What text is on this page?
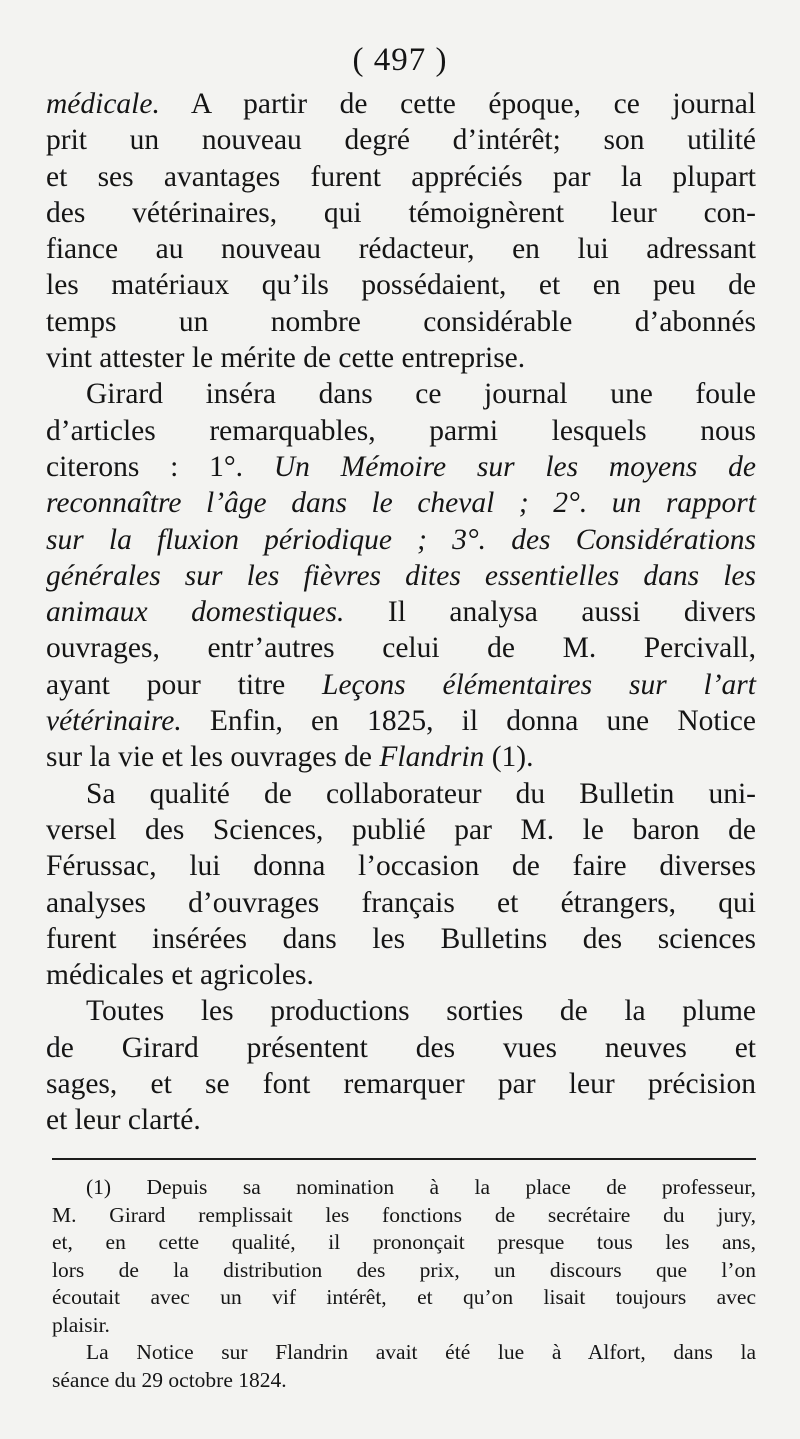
( 497 )
médicale. A partir de cette époque, ce journal
prit un nouveau degré d’intérêt; son utilité
et ses avantages furent appréciés par la plupart
des vétérinaires, qui témoignèrent leur con-
fiance au nouveau rédacteur, en lui adressant
les matériaux qu’ils possédaient, et en peu de
temps un nombre considérable d’abonnés
vint attester le mérite de cette entreprise.
Girard inséra dans ce journal une foule
d’articles remarquables, parmi lesquels nous
citerons : 1°. Un Mémoire sur les moyens de
reconnaître l’âge dans le cheval ; 2°. un rapport
sur la fluxion périodique ; 3°. des Considérations
générales sur les fièvres dites essentielles dans les
animaux domestiques. Il analysa aussi divers
ouvrages, entr’autres celui de M. Percivall,
ayant pour titre Leçons élémentaires sur l’art
vétérinaire. Enfin, en 1825, il donna une Notice
sur la vie et les ouvrages de Flandrin (1).
Sa qualité de collaborateur du Bulletin uni-
versel des Sciences, publié par M. le baron de
Férussac, lui donna l’occasion de faire diverses
analyses d’ouvrages français et étrangers, qui
furent insérées dans les Bulletins des sciences
médicales et agricoles.
Toutes les productions sorties de la plume
de Girard présentent des vues neuves et
sages, et se font remarquer par leur précision
et leur clarté.
(1) Depuis sa nomination à la place de professeur,
M. Girard remplissait les fonctions de secrétaire du jury,
et, en cette qualité, il prononçait presque tous les ans,
lors de la distribution des prix, un discours que l’on
écoutait avec un vif intérêt, et qu’on lisait toujours avec
plaisir.
La Notice sur Flandrin avait été lue à Alfort, dans la
séance du 29 octobre 1824.
